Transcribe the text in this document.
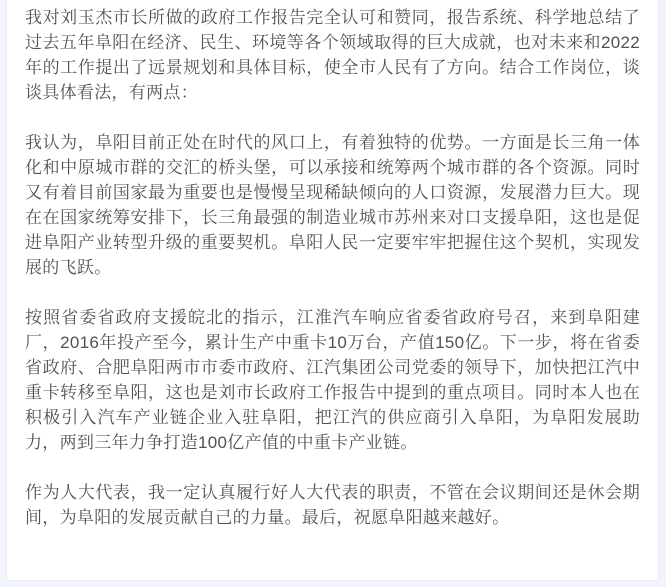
我对刘玉杰市长所做的政府工作报告完全认可和赞同，报告系统、科学地总结了过去五年阜阳在经济、民生、环境等各个领域取得的巨大成就，也对未来和2022年的工作提出了远景规划和具体目标，使全市人民有了方向。结合工作岗位，谈谈具体看法，有两点：

我认为，阜阳目前正处在时代的风口上，有着独特的优势。一方面是长三角一体化和中原城市群的交汇的桥头堡，可以承接和统筹两个城市群的各个资源。同时又有着目前国家最为重要也是慢慢呈现稀缺倾向的人口资源，发展潜力巨大。现在在国家统筹安排下，长三角最强的制造业城市苏州来对口支援阜阳，这也是促进阜阳产业转型升级的重要契机。阜阳人民一定要牢牢把握住这个契机，实现发展的飞跃。

按照省委省政府支援皖北的指示，江淮汽车响应省委省政府号召，来到阜阳建厂，2016年投产至今，累计生产中重卡10万台，产值150亿。下一步，将在省委省政府、合肥阜阳两市市委市政府、江汽集团公司党委的领导下，加快把江汽中重卡转移至阜阳，这也是刘市长政府工作报告中提到的重点项目。同时本人也在积极引入汽车产业链企业入驻阜阳，把江汽的供应商引入阜阳，为阜阳发展助力，两到三年力争打造100亿产值的中重卡产业链。

作为人大代表，我一定认真履行好人大代表的职责，不管在会议期间还是休会期间，为阜阳的发展贡献自己的力量。最后，祝愿阜阳越来越好。
